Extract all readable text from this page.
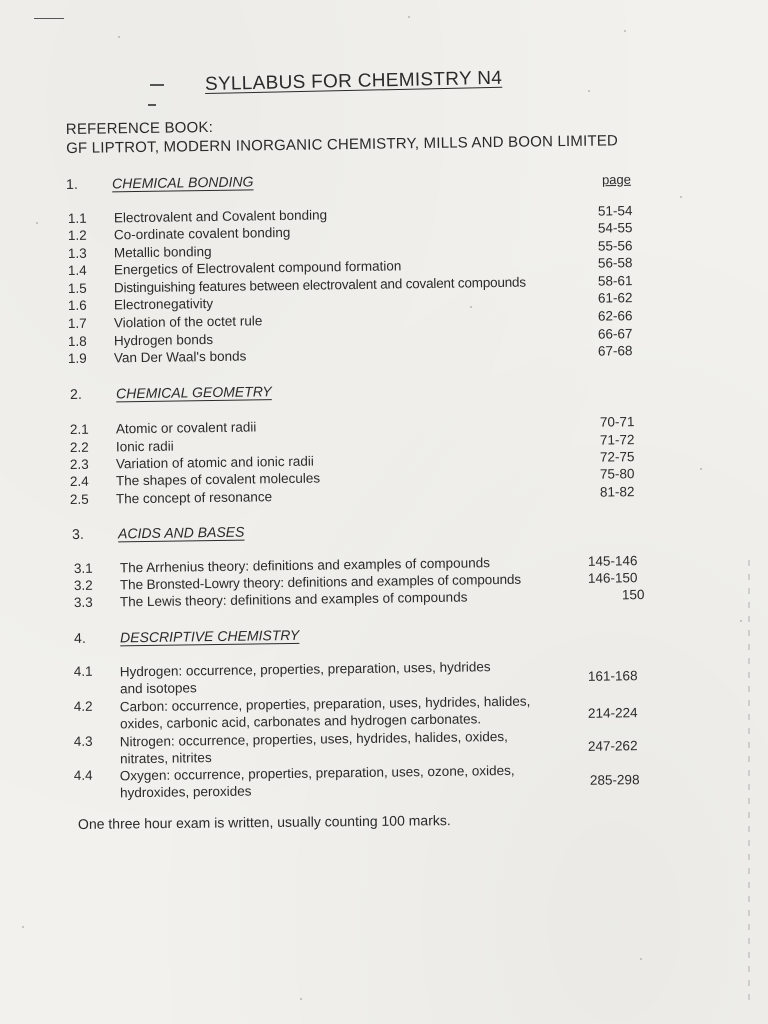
SYLLABUS FOR CHEMISTRY N4
REFERENCE BOOK:
GF LIPTROT, MODERN INORGANIC CHEMISTRY, MILLS AND BOON LIMITED
page
1. CHEMICAL BONDING
1.1 Electrovalent and Covalent bonding	51-54
1.2 Co-ordinate covalent bonding	54-55
1.3 Metallic bonding	55-56
1.4 Energetics of Electrovalent compound formation	56-58
1.5 Distinguishing features between electrovalent and covalent compounds	58-61
1.6 Electronegativity	61-62
1.7 Violation of the octet rule	62-66
1.8 Hydrogen bonds	66-67
1.9 Van Der Waal's bonds	67-68
2. CHEMICAL GEOMETRY
2.1 Atomic or covalent radii	70-71
2.2 Ionic radii	71-72
2.3 Variation of atomic and ionic radii	72-75
2.4 The shapes of covalent molecules	75-80
2.5 The concept of resonance	81-82
3. ACIDS AND BASES
3.1 The Arrhenius theory: definitions and examples of compounds	145-146
3.2 The Bronsted-Lowry theory: definitions and examples of compounds	146-150
3.3 The Lewis theory: definitions and examples of compounds	150
4. DESCRIPTIVE CHEMISTRY
4.1 Hydrogen: occurrence, properties, preparation, uses, hydrides
and isotopes
161-168
4.2 Carbon: occurrence, properties, preparation, uses, hydrides, halides,
oxides, carbonic acid, carbonates and hydrogen carbonates.	214-224
4.3 Nitrogen: occurrence, properties, uses, hydrides, halides, oxides,
nitrates, nitrites
247-262
4.4 Oxygen: occurrence, properties, preparation, uses, ozone, oxides,
hydroxides, peroxides
285-298
One three hour exam is written, usually counting 100 marks.
